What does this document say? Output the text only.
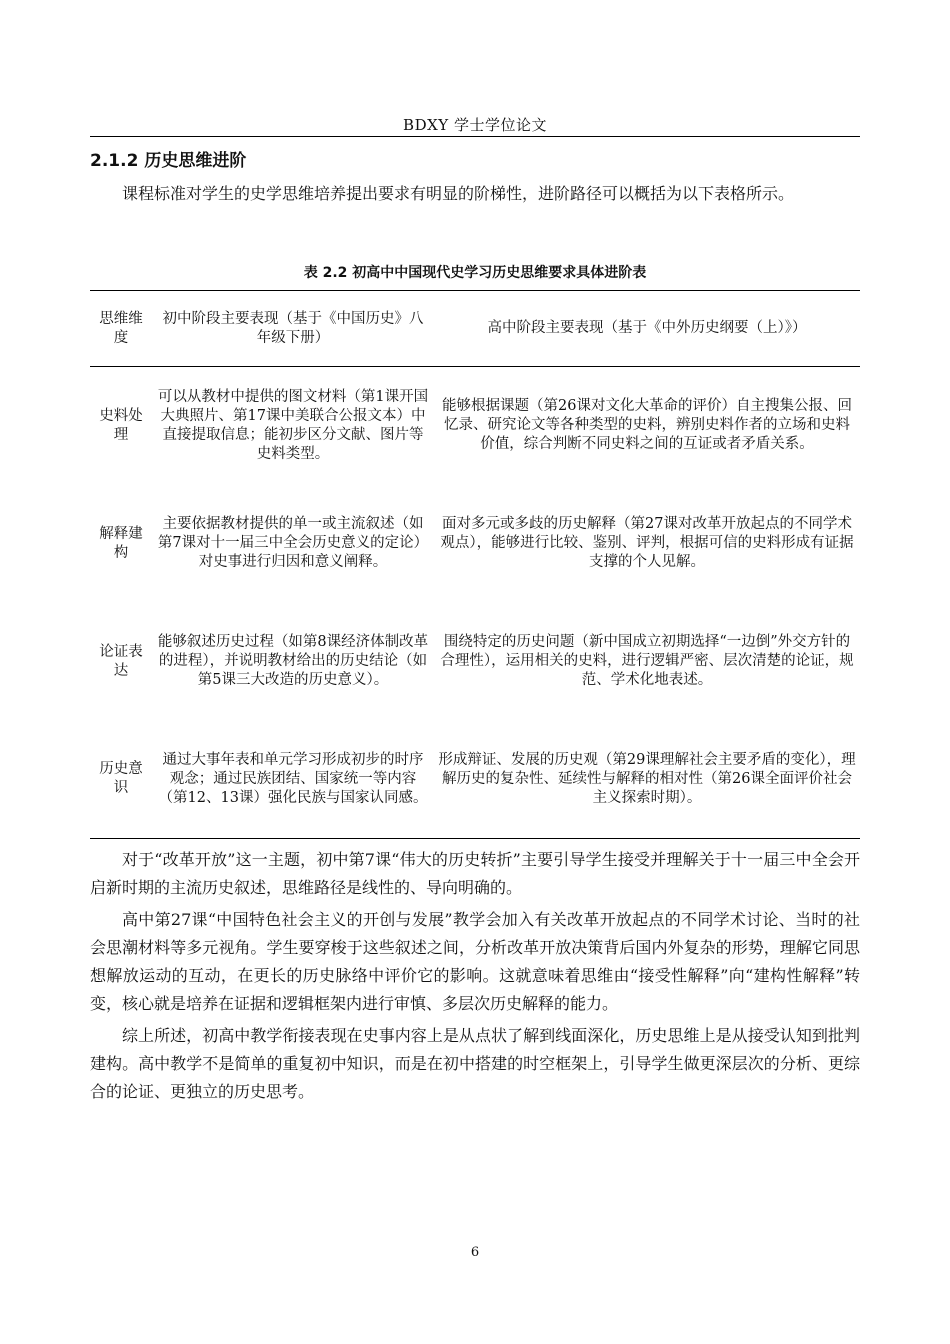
BDXY 学士学位论文
2.1.2 历史思维进阶

课程标准对学生的史学思维培养提出要求有明显的阶梯性，进阶路径可以概括为以下表格所示。

表 2.2 初高中中国现代史学习历史思维要求具体进阶表
思维维度	初中阶段主要表现（基于《中国历史》八年级下册）	高中阶段主要表现（基于《中外历史纲要（上）》）
史料处理	可以从教材中提供的图文材料（第1课开国大典照片、第17课中美联合公报文本）中直接提取信息；能初步区分文献、图片等史料类型。	能够根据课题（第26课对文化大革命的评价）自主搜集公报、回忆录、研究论文等各种类型的史料，辨别史料作者的立场和史料价值，综合判断不同史料之间的互证或者矛盾关系。
解释建构	主要依据教材提供的单一或主流叙述（如第7课对十一届三中全会历史意义的定论）对史事进行归因和意义阐释。	面对多元或多歧的历史解释（第27课对改革开放起点的不同学术观点），能够进行比较、鉴别、评判，根据可信的史料形成有证据支撑的个人见解。
论证表达	能够叙述历史过程（如第8课经济体制改革的进程），并说明教材给出的历史结论（如第5课三大改造的历史意义）。	围绕特定的历史问题（新中国成立初期选择“一边倒”外交方针的合理性），运用相关的史料，进行逻辑严密、层次清楚的论证，规范、学术化地表述。
历史意识	通过大事年表和单元学习形成初步的时序观念；通过民族团结、国家统一等内容（第12、13课）强化民族与国家认同感。	形成辩证、发展的历史观（第29课理解社会主要矛盾的变化），理解历史的复杂性、延续性与解释的相对性（第26课全面评价社会主义探索时期）。

对于“改革开放”这一主题，初中第7课“伟大的历史转折”主要引导学生接受并理解关于十一届三中全会开启新时期的主流历史叙述，思维路径是线性的、导向明确的。

高中第27课“中国特色社会主义的开创与发展”教学会加入有关改革开放起点的不同学术讨论、当时的社会思潮材料等多元视角。学生要穿梭于这些叙述之间，分析改革开放决策背后国内外复杂的形势，理解它同思想解放运动的互动，在更长的历史脉络中评价它的影响。这就意味着思维由“接受性解释”向“建构性解释”转变，核心就是培养在证据和逻辑框架内进行审慎、多层次历史解释的能力。

综上所述，初高中教学衔接表现在史事内容上是从点状了解到线面深化，历史思维上是从接受认知到批判建构。高中教学不是简单的重复初中知识，而是在初中搭建的时空框架上，引导学生做更深层次的分析、更综合的论证、更独立的历史思考。

6
